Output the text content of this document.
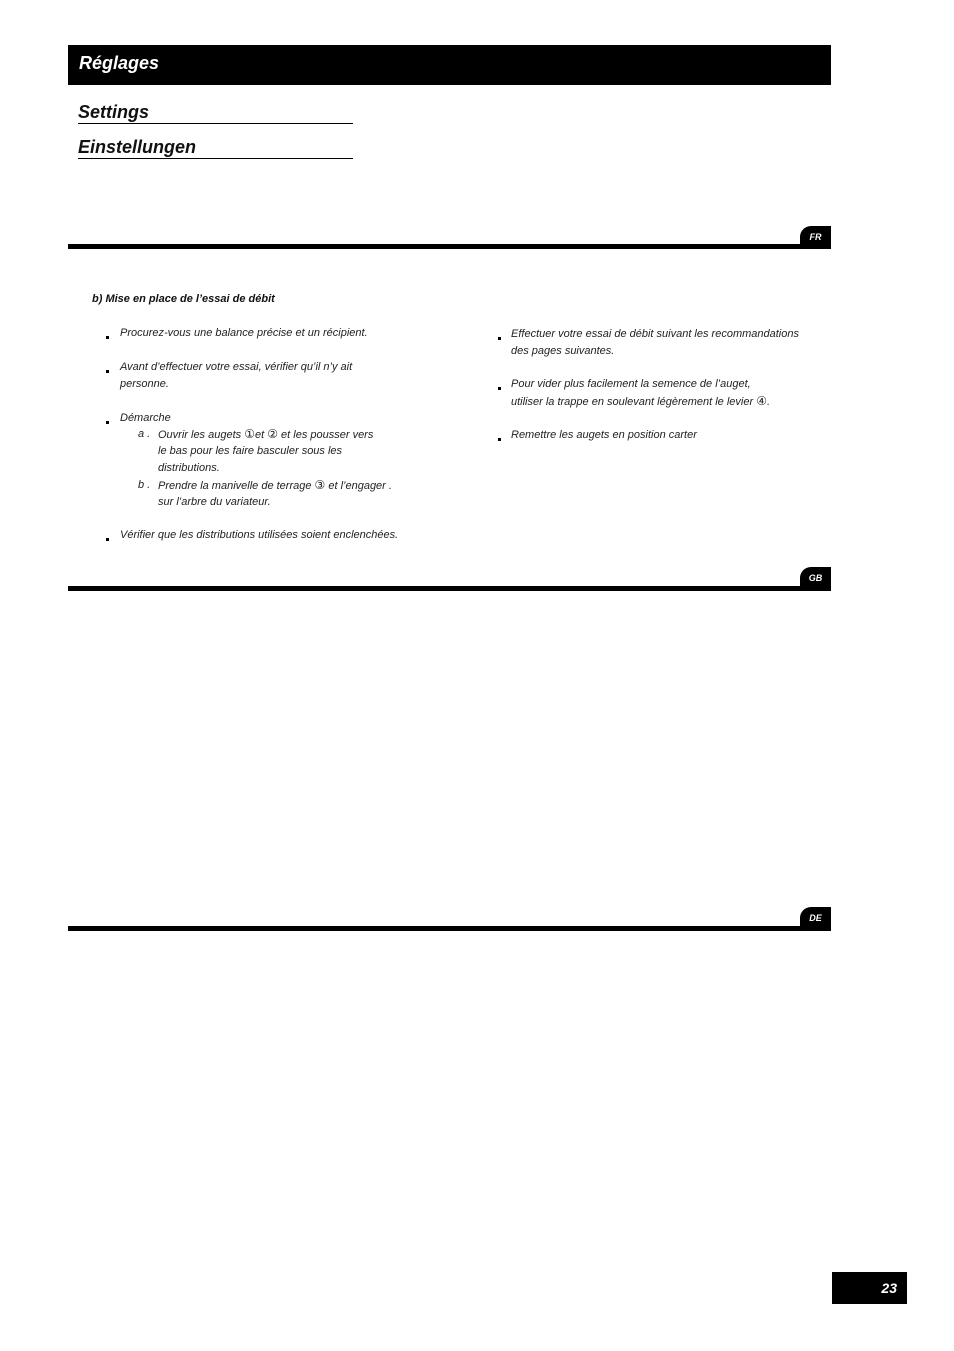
Réglages
Settings
Einstellungen
FR
b) Mise en place de l’essai de débit
Procurez-vous une balance précise et un récipient.
Avant d’effectuer votre essai, vérifier qu’il n’y ait
personne.
Démarche
a . Ouvrir les augets ①et ② et les pousser vers
le bas pour les faire basculer sous les
distributions.
b . Prendre la manivelle de terrage ③ et l’engager .
sur l’arbre du variateur.
Vérifier que les distributions utilisées soient enclenchées.
Effectuer votre essai de débit suivant les recommandations
des pages suivantes.
Pour vider plus facilement la semence de l’auget,
utiliser la trappe en soulevant légèrement le levier ④.
Remettre les augets en position carter
GB
DE
23
